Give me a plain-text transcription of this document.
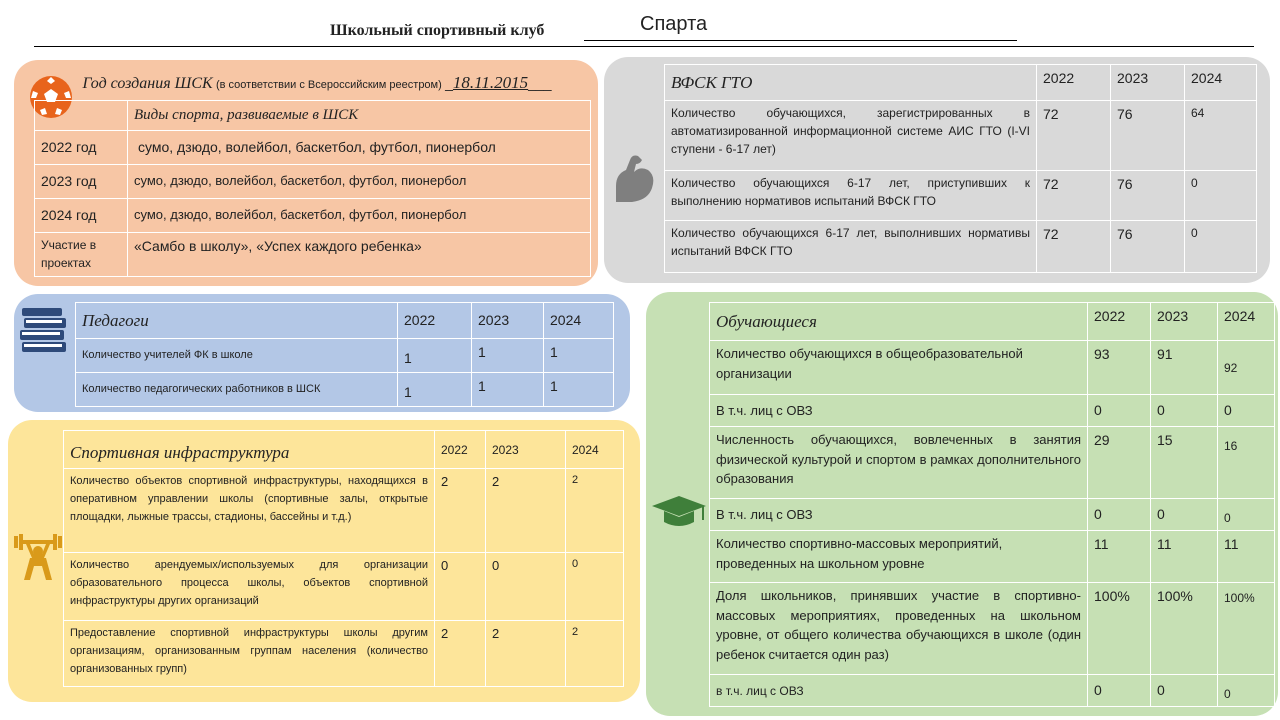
Школьный спортивный клуб	Спарта
Год создания ШСК (в соответствии с Всероссийским реестром) _18.11.2015___	
	Виды спорта, развиваемые в ШСК
2022 год	сумо, дзюдо, волейбол, баскетбол, футбол, пионербол
2023 год	сумо, дзюдо, волейбол, баскетбол, футбол, пионербол
2024 год	сумо, дзюдо, волейбол, баскетбол, футбол, пионербол
Участие в проектах	«Самбо в школу», «Успех каждого ребенка»
ВФСК ГТО	2022	2023	2024
Количество обучающихся, зарегистрированных в автоматизированной информационной системе АИС ГТО (I-VI ступени - 6-17 лет)	72	76	64
Количество обучающихся 6-17 лет, приступивших к выполнению нормативов испытаний ВФСК ГТО	72	76	0
Количество обучающихся 6-17 лет, выполнивших нормативы испытаний ВФСК ГТО	72	76	0
Педагоги	2022	2023	2024
Количество учителей ФК в школе	1	1	1
Количество педагогических работников в ШСК	1	1	1
Спортивная инфраструктура	2022	2023	2024
Количество объектов спортивной инфраструктуры, находящихся в оперативном управлении школы (спортивные залы, открытые площадки, лыжные трассы, стадионы, бассейны и т.д.)	2	2	2
Количество арендуемых/используемых для организации образовательного процесса школы, объектов спортивной инфраструктуры других организаций	0	0	0
Предоставление спортивной инфраструктуры школы другим организациям, организованным группам населения (количество организованных групп)	2	2	2
Обучающиеся	2022	2023	2024
Количество обучающихся в общеобразовательной организации	93	91	92
В т.ч. лиц с ОВЗ	0	0	0
Численность обучающихся, вовлеченных в занятия физической культурой и спортом в рамках дополнительного образования	29	15	16
В т.ч. лиц с ОВЗ	0	0	0
Количество спортивно-массовых мероприятий, проведенных на школьном уровне	11	11	11
Доля школьников, принявших участие в спортивно-массовых мероприятиях, проведенных на школьном уровне, от общего количества обучающихся в школе (один ребенок считается один раз)	100%	100%	100%
в т.ч. лиц с ОВЗ	0	0	0
